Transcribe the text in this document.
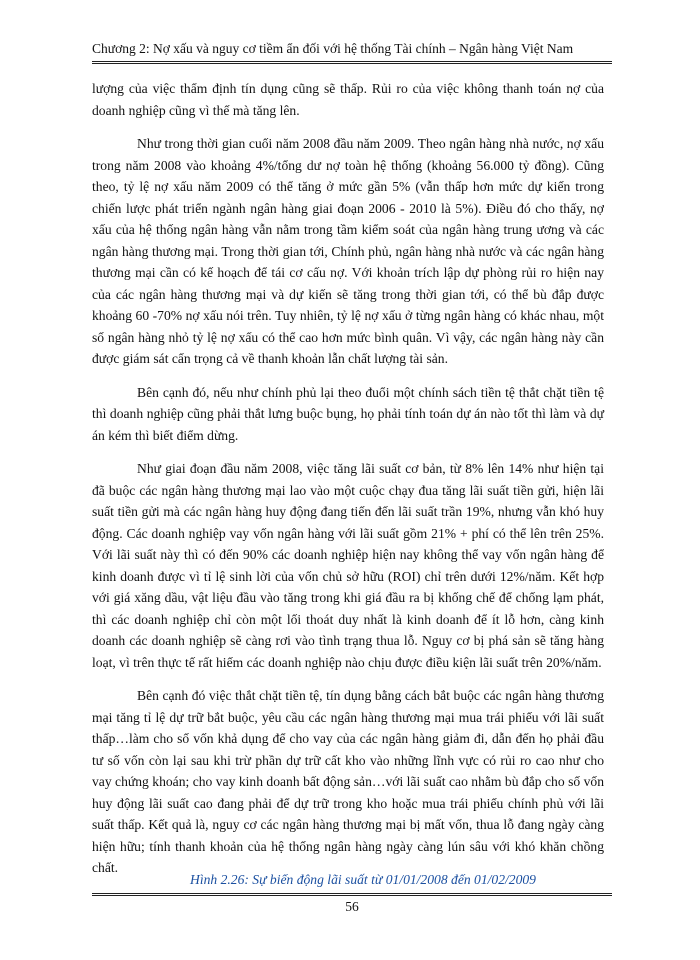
Chương 2: Nợ xấu và nguy cơ tiềm ẩn đối với hệ thống Tài chính – Ngân hàng Việt Nam

lượng của việc thẩm định tín dụng cũng sẽ thấp. Rủi ro của việc không thanh toán nợ của doanh nghiệp cũng vì thế mà tăng lên.

Như trong thời gian cuối năm 2008 đầu năm 2009. Theo ngân hàng nhà nước, nợ xấu trong năm 2008 vào khoảng 4%/tổng dư nợ toàn hệ thống (khoảng 56.000 tỷ đồng). Cũng theo, tỷ lệ nợ xấu năm 2009 có thể tăng ở mức gần 5% (vẫn thấp hơn mức dự kiến trong chiến lược phát triển ngành ngân hàng giai đoạn 2006 - 2010 là 5%). Điều đó cho thấy, nợ xấu của hệ thống ngân hàng vẫn nằm trong tầm kiểm soát của ngân hàng trung ương và các ngân hàng thương mại. Trong thời gian tới, Chính phủ, ngân hàng nhà nước và các ngân hàng thương mại cần có kế hoạch để tái cơ cấu nợ. Với khoản trích lập dự phòng rủi ro hiện nay của các ngân hàng thương mại và dự kiến sẽ tăng trong thời gian tới, có thể bù đắp được khoảng 60 -70% nợ xấu nói trên. Tuy nhiên, tỷ lệ nợ xấu ở từng ngân hàng có khác nhau, một số ngân hàng nhỏ tỷ lệ nợ xấu có thể cao hơn mức bình quân. Vì vậy, các ngân hàng này cần được giám sát cẩn trọng cả về thanh khoản lẫn chất lượng tài sản.

Bên cạnh đó, nếu như chính phủ lại theo đuổi một chính sách tiền tệ thắt chặt tiền tệ thì doanh nghiệp cũng phải thắt lưng buộc bụng, họ phải tính toán dự án nào tốt thì làm và dự án kém thì biết điểm dừng.

Như giai đoạn đầu năm 2008, việc tăng lãi suất cơ bản, từ 8% lên 14% như hiện tại đã buộc các ngân hàng thương mại lao vào một cuộc chạy đua tăng lãi suất tiền gửi, hiện lãi suất tiền gửi mà các ngân hàng huy động đang tiến đến lãi suất trần 19%, nhưng vẫn khó huy động. Các doanh nghiệp vay vốn ngân hàng với lãi suất gồm 21% + phí có thể lên trên 25%. Với lãi suất này thì có đến 90% các doanh nghiệp hiện nay không thể vay vốn ngân hàng để kinh doanh được vì tỉ lệ sinh lời của vốn chủ sở hữu (ROI) chỉ trên dưới 12%/năm. Kết hợp với giá xăng dầu, vật liệu đầu vào tăng trong khi giá đầu ra bị khống chế để chống lạm phát, thì các doanh nghiệp chỉ còn một lối thoát duy nhất là kinh doanh để ít lỗ hơn, càng kinh doanh các doanh nghiệp sẽ càng rơi vào tình trạng thua lỗ. Nguy cơ bị phá sản sẽ tăng hàng loạt, vì trên thực tế rất hiếm các doanh nghiệp nào chịu được điều kiện lãi suất trên 20%/năm.

Bên cạnh đó việc thắt chặt tiền tệ, tín dụng bằng cách bắt buộc các ngân hàng thương mại tăng tỉ lệ dự trữ bắt buộc, yêu cầu các ngân hàng thương mại mua trái phiếu với lãi suất thấp…làm cho số vốn khả dụng để cho vay của các ngân hàng giảm đi, dẫn đến họ phải đầu tư số vốn còn lại sau khi trừ phần dự trữ cất kho vào những lĩnh vực có rủi ro cao như cho vay chứng khoán; cho vay kinh doanh bất động sản…với lãi suất cao nhằm bù đắp cho số vốn huy động lãi suất cao đang phải để dự trữ trong kho hoặc mua trái phiếu chính phủ với lãi suất thấp. Kết quả là, nguy cơ các ngân hàng thương mại bị mất vốn, thua lỗ đang ngày càng hiện hữu; tính thanh khoản của hệ thống ngân hàng ngày càng lún sâu với khó khăn chồng chất.

Hình 2.26: Sự biến động lãi suất từ 01/01/2008 đến 01/02/2009
56
